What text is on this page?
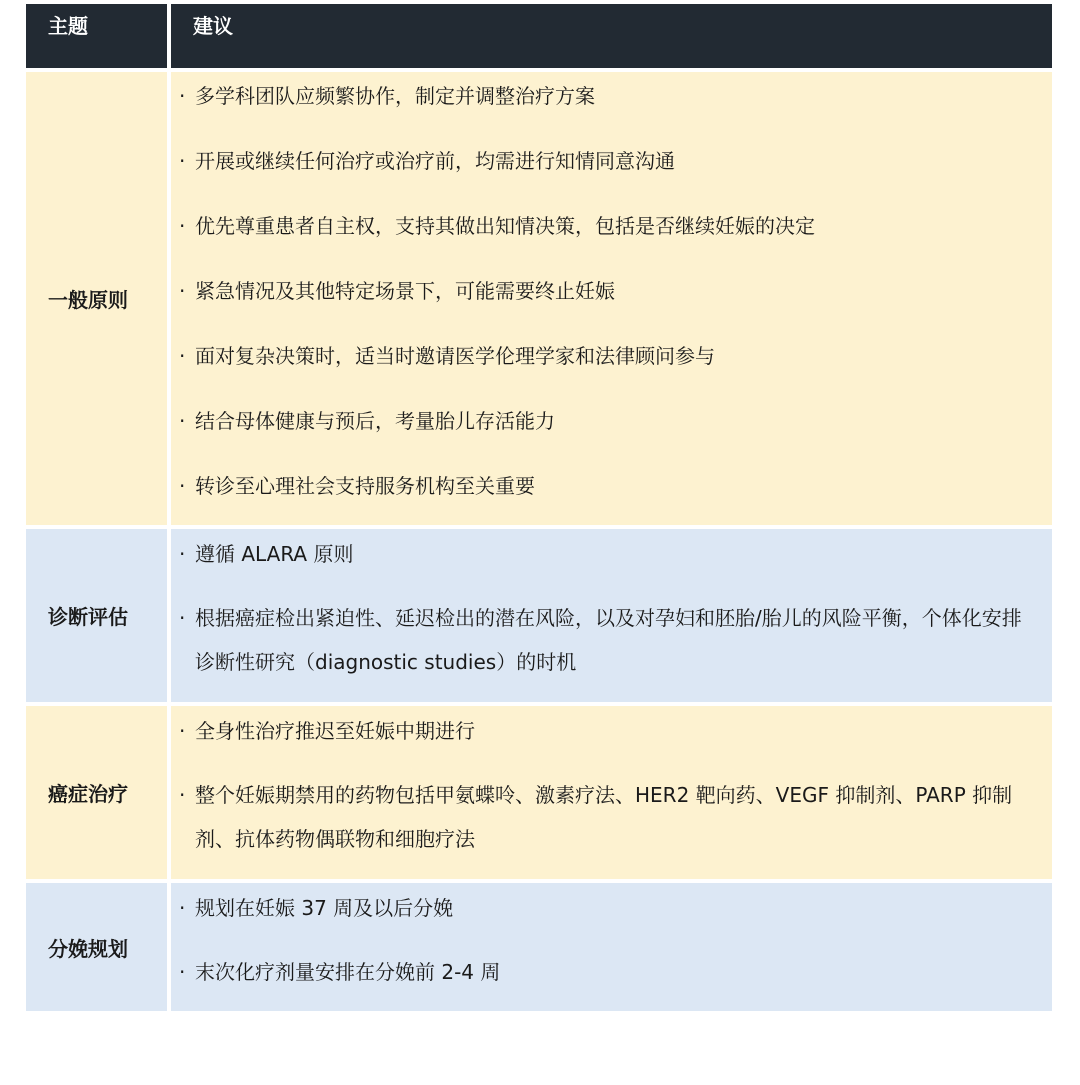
主题	建议
一般原则
· 多学科团队应频繁协作，制定并调整治疗方案
· 开展或继续任何治疗或治疗前，均需进行知情同意沟通
· 优先尊重患者自主权，支持其做出知情决策，包括是否继续妊娠的决定
· 紧急情况及其他特定场景下，可能需要终止妊娠
· 面对复杂决策时，适当时邀请医学伦理学家和法律顾问参与
· 结合母体健康与预后，考量胎儿存活能力
· 转诊至心理社会支持服务机构至关重要
诊断评估
· 遵循 ALARA 原则
· 根据癌症检出紧迫性、延迟检出的潜在风险，以及对孕妇和胚胎/胎儿的风险平衡，个体化安排诊断性研究（diagnostic studies）的时机
癌症治疗
· 全身性治疗推迟至妊娠中期进行
· 整个妊娠期禁用的药物包括甲氨蝶呤、激素疗法、HER2 靶向药、VEGF 抑制剂、PARP 抑制剂、抗体药物偶联物和细胞疗法
分娩规划
· 规划在妊娠 37 周及以后分娩
· 末次化疗剂量安排在分娩前 2-4 周
